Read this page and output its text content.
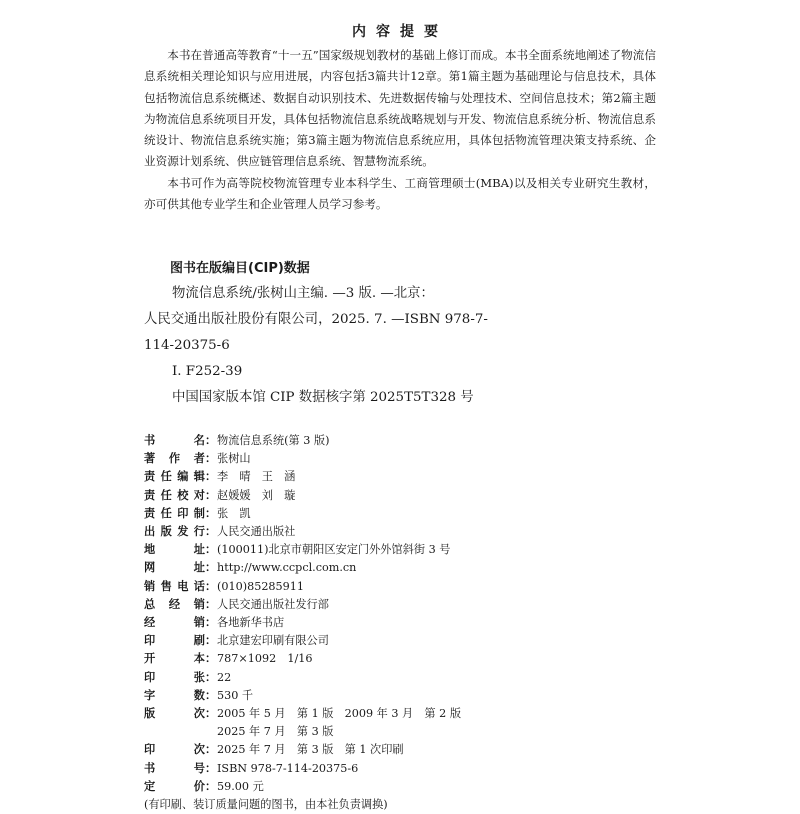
内容提要

本书在普通高等教育“十一五”国家级规划教材的基础上修订而成。本书全面系统地阐述了物流信息系统相关理论知识与应用进展，内容包括3篇共计12章。第1篇主题为基础理论与信息技术，具体包括物流信息系统概述、数据自动识别技术、先进数据传输与处理技术、空间信息技术；第2篇主题为物流信息系统项目开发，具体包括物流信息系统战略规划与开发、物流信息系统分析、物流信息系统设计、物流信息系统实施；第3篇主题为物流信息系统应用，具体包括物流管理决策支持系统、企业资源计划系统、供应链管理信息系统、智慧物流系统。

本书可作为高等院校物流管理专业本科学生、工商管理硕士(MBA)以及相关专业研究生教材，亦可供其他专业学生和企业管理人员学习参考。

图书在版编目(CIP)数据
物流信息系统/张树山主编. —3 版. —北京：
人民交通出版社股份有限公司，2025. 7. —ISBN 978-7-
114-20375-6
Ⅰ. F252-39
中国国家版本馆 CIP 数据核字第 2025T5T328 号
书名 ： 物流信息系统(第 3 版)
著作者 ： 张树山
责任编辑 ： 李　晴　王　涵
责任校对 ： 赵媛媛　刘　璇
责任印制 ： 张　凯
出版发行 ： 人民交通出版社
地址 ： (100011)北京市朝阳区安定门外外馆斜街 3 号
网址 ： http://www.ccpcl.com.cn
销售电话 ： (010)85285911
总经销 ： 人民交通出版社发行部
经销 ： 各地新华书店
印刷 ： 北京建宏印刷有限公司
开本 ： 787×1092　1/16
印张 ： 22
字数 ： 530 千
版次 ： 2005 年 5 月　第 1 版　2009 年 3 月　第 2 版
2025 年 7 月　第 3 版
印次 ： 2025 年 7 月　第 3 版　第 1 次印刷
书号 ： ISBN 978-7-114-20375-6
定价 ： 59.00 元
(有印刷、装订质量问题的图书，由本社负责调换)
